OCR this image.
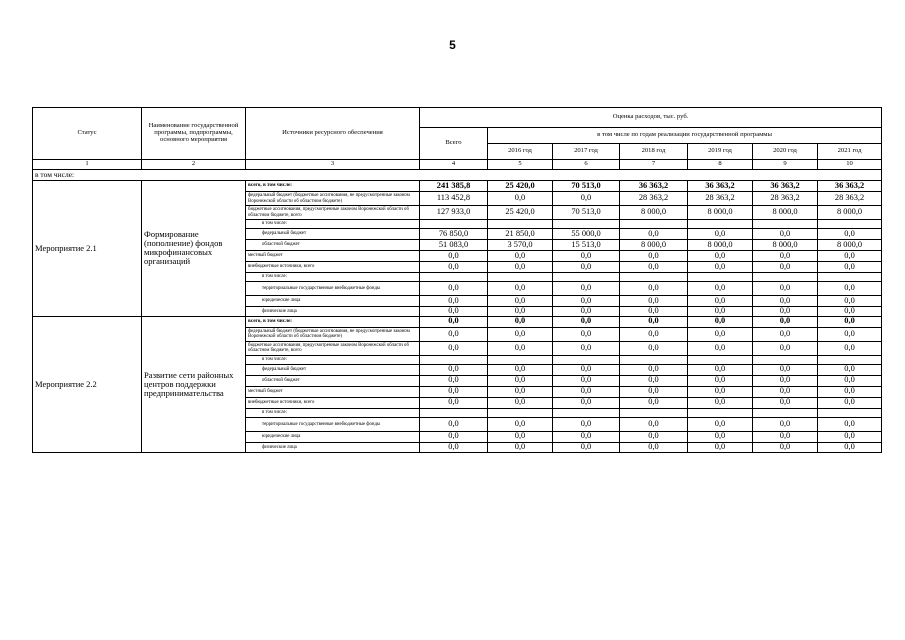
5
Статус	Наименование государственной программы, подпрограммы, основного мероприятия	Источники ресурсного обеспечения	Оценка расходов, тыс. руб.						
			Всего	в том числе по годам реализации государственной программы					
				2016 год	2017 год	2018 год	2019 год	2020 год	2021 год
1	2	3	4	5	6	7	8	9	10
в том числе:									
Мероприятие 2.1	Формирование (пополнение) фондов микрофинансовых организаций	всего, в том числе:	241 385,8	25 420,0	70 513,0	36 363,2	36 363,2	36 363,2	36 363,2
		федеральный бюджет (бюджетные ассигнования, не предусмотренные законом Воронежской области об областном бюджете)	113 452,8	0,0	0,0	28 363,2	28 363,2	28 363,2	28 363,2
		бюджетные ассигнования, предусмотренные законом Воронежской области об областном бюджете, всего	127 933,0	25 420,0	70 513,0	8 000,0	8 000,0	8 000,0	8 000,0
		в том числе:							
		федеральный бюджет	76 850,0	21 850,0	55 000,0	0,0	0,0	0,0	0,0
		областной бюджет	51 083,0	3 570,0	15 513,0	8 000,0	8 000,0	8 000,0	8 000,0
		местный бюджет	0,0	0,0	0,0	0,0	0,0	0,0	0,0
		внебюджетные источники, всего	0,0	0,0	0,0	0,0	0,0	0,0	0,0
		в том числе:							
		территориальные государственные внебюджетные фонды	0,0	0,0	0,0	0,0	0,0	0,0	0,0
		юридические лица	0,0	0,0	0,0	0,0	0,0	0,0	0,0
		физические лица	0,0	0,0	0,0	0,0	0,0	0,0	0,0
Мероприятие 2.2	Развитие сети районных центров поддержки предпринимательства	всего, в том числе:	0,0	0,0	0,0	0,0	0,0	0,0	0,0
		федеральный бюджет (бюджетные ассигнования, не предусмотренные законом Воронежской области об областном бюджете)	0,0	0,0	0,0	0,0	0,0	0,0	0,0
		бюджетные ассигнования, предусмотренные законом Воронежской области об областном бюджете, всего	0,0	0,0	0,0	0,0	0,0	0,0	0,0
		в том числе:							
		федеральный бюджет	0,0	0,0	0,0	0,0	0,0	0,0	0,0
		областной бюджет	0,0	0,0	0,0	0,0	0,0	0,0	0,0
		местный бюджет	0,0	0,0	0,0	0,0	0,0	0,0	0,0
		внебюджетные источники, всего	0,0	0,0	0,0	0,0	0,0	0,0	0,0
		в том числе:							
		территориальные государственные внебюджетные фонды	0,0	0,0	0,0	0,0	0,0	0,0	0,0
		юридические лица	0,0	0,0	0,0	0,0	0,0	0,0	0,0
		физические лица	0,0	0,0	0,0	0,0	0,0	0,0	0,0
